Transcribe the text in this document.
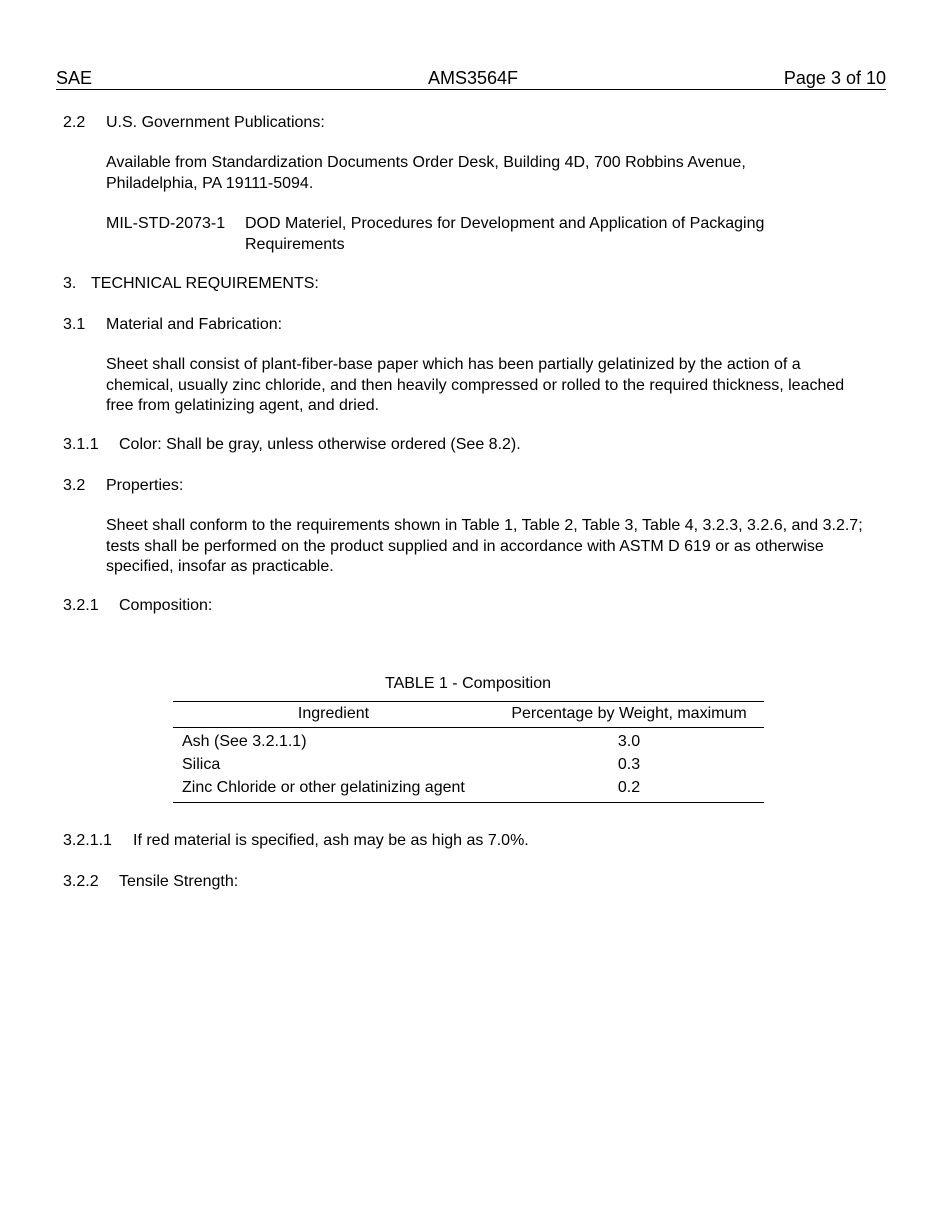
SAE	AMS3564F	Page 3 of 10
2.2 U.S. Government Publications:
Available from Standardization Documents Order Desk, Building 4D, 700 Robbins Avenue, Philadelphia, PA 19111-5094.
MIL-STD-2073-1 DOD Materiel, Procedures for Development and Application of Packaging Requirements
3. TECHNICAL REQUIREMENTS:
3.1 Material and Fabrication:
Sheet shall consist of plant-fiber-base paper which has been partially gelatinized by the action of a chemical, usually zinc chloride, and then heavily compressed or rolled to the required thickness, leached free from gelatinizing agent, and dried.
3.1.1 Color: Shall be gray, unless otherwise ordered (See 8.2).
3.2 Properties:
Sheet shall conform to the requirements shown in Table 1, Table 2, Table 3, Table 4, 3.2.3, 3.2.6, and 3.2.7; tests shall be performed on the product supplied and in accordance with ASTM D 619 or as otherwise specified, insofar as practicable.
3.2.1 Composition:
TABLE 1 - Composition
Ingredient	Percentage by Weight, maximum
Ash (See 3.2.1.1)	3.0
Silica	0.3
Zinc Chloride or other gelatinizing agent	0.2
3.2.1.1 If red material is specified, ash may be as high as 7.0%.
3.2.2 Tensile Strength:
